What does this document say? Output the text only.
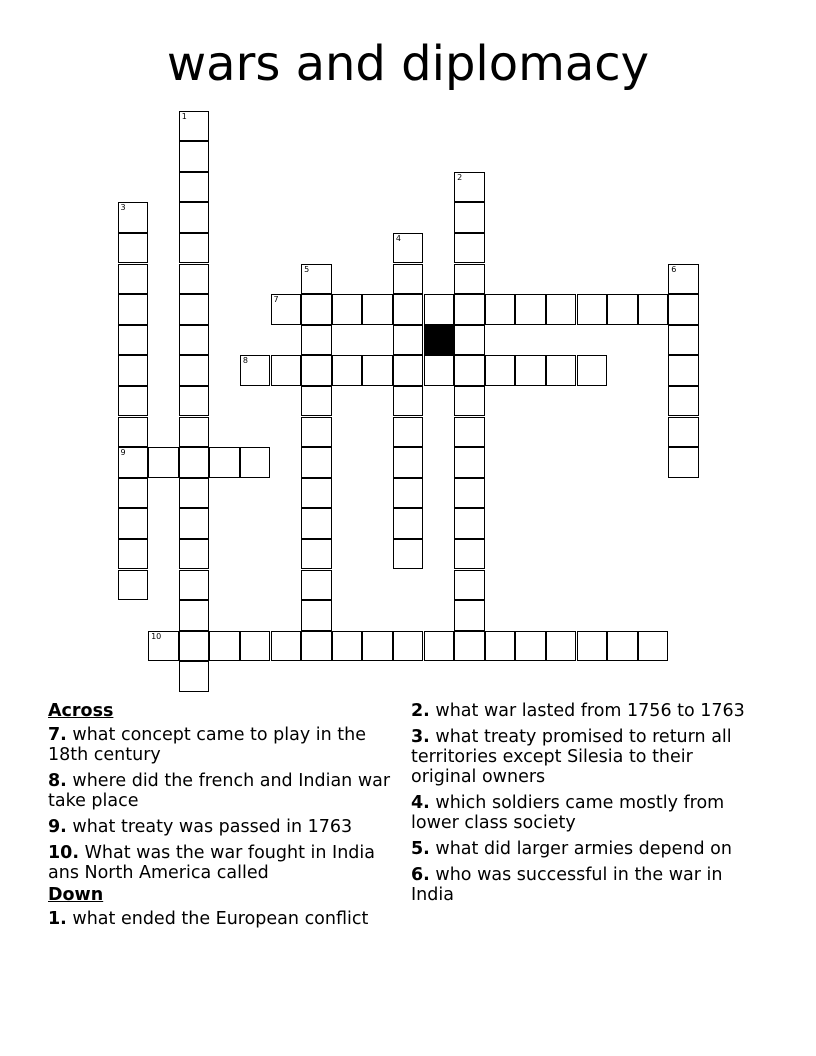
wars and diplomacy
1
2
3
9
4
5	6
7
8
10
Across
7. what concept came to play in the 18th century
8. where did the french and Indian war take place
9. what treaty was passed in 1763
10. What was the war fought in India ans North America called
Down
1. what ended the European conflict
2. what war lasted from 1756 to 1763
3. what treaty promised to return all territories except Silesia to their original owners
4. which soldiers came mostly from lower class society
5. what did larger armies depend on
6. who was successful in the war in India
